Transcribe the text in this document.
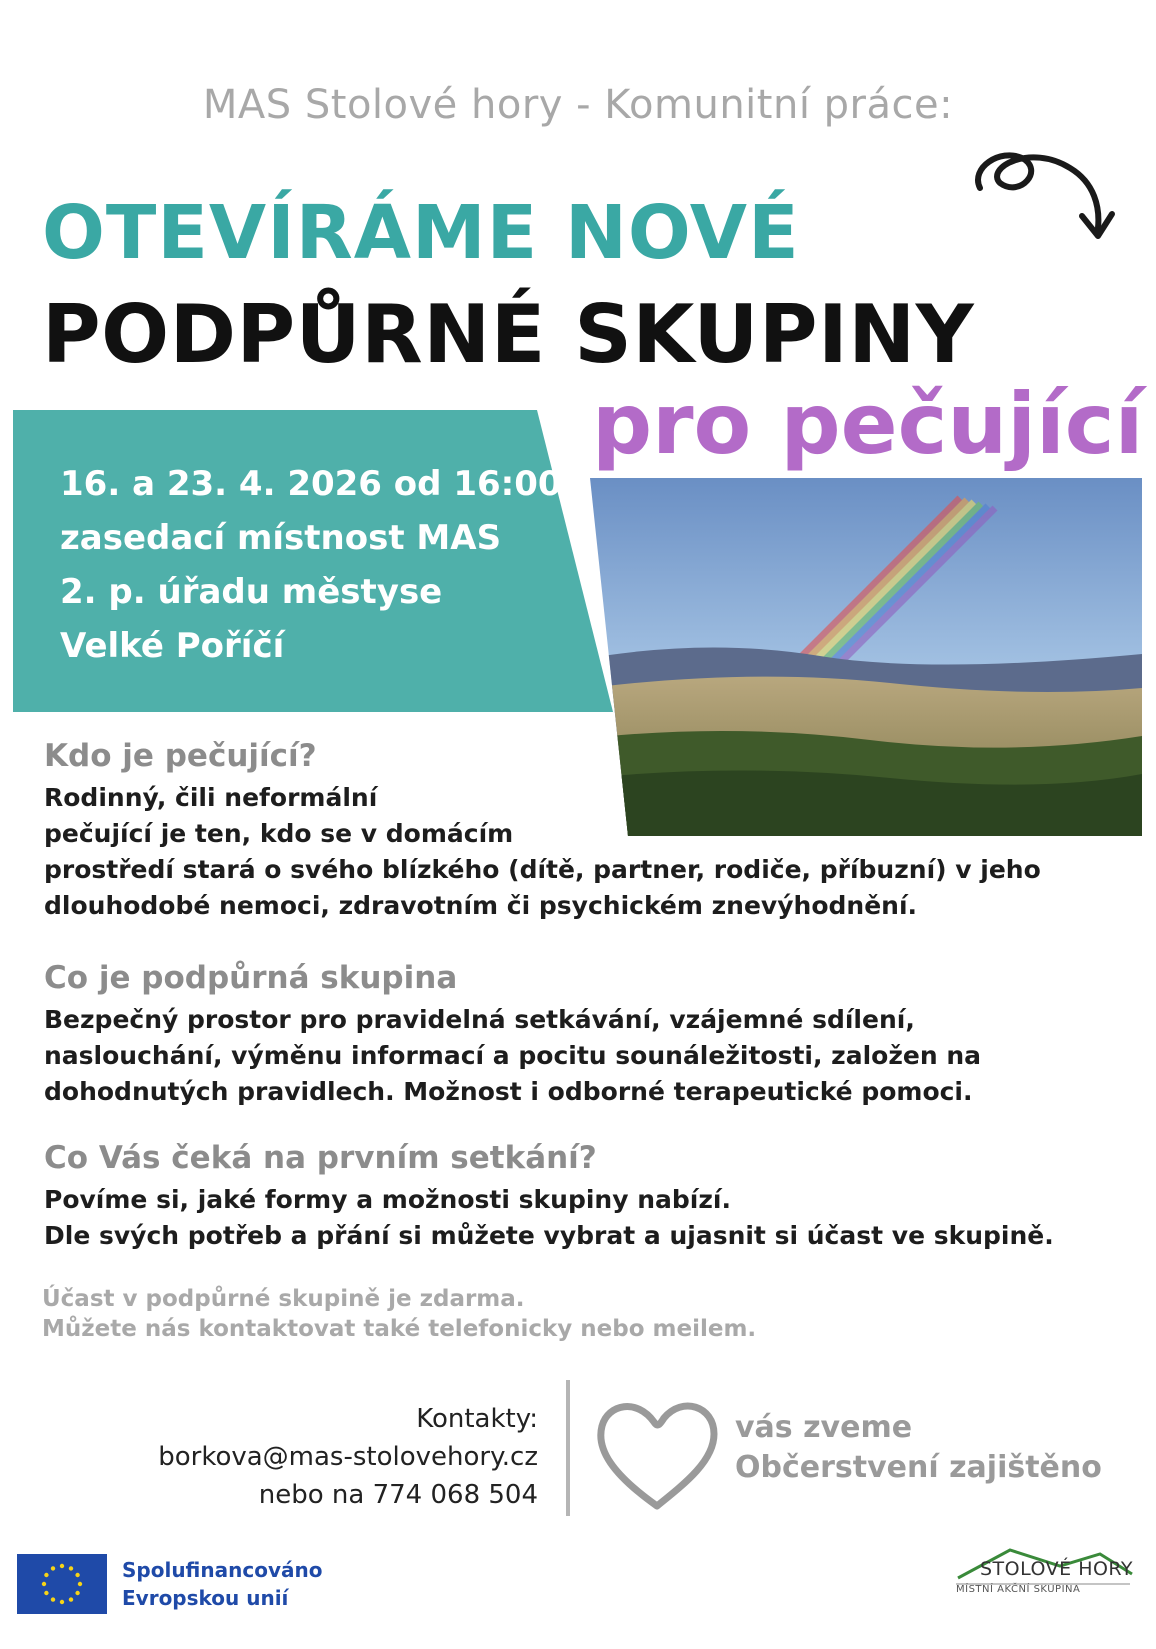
MAS Stolové hory - Komunitní práce:
OTEVÍRÁME NOVÉ
PODPŮRNÉ SKUPINY
pro pečující
16. a 23. 4. 2026 od 16:00
zasedací místnost MAS
2. p. úřadu městyse
Velké Poříčí
Kdo je pečující?
Rodinný, čili neformální
pečující je ten, kdo se v domácím
prostředí stará o svého blízkého (dítě, partner, rodiče, příbuzní) v jeho
dlouhodobé nemoci, zdravotním či psychickém znevýhodnění.
Co je podpůrná skupina
Bezpečný prostor pro pravidelná setkávání, vzájemné sdílení,
naslouchání, výměnu informací a pocitu sounáležitosti, založen na
dohodnutých pravidlech. Možnost i odborné terapeutické pomoci.
Co Vás čeká na prvním setkání?
Povíme si, jaké formy a možnosti skupiny nabízí.
Dle svých potřeb a přání si můžete vybrat a ujasnit si účast ve skupině.
Účast v podpůrné skupině je zdarma.
Můžete nás kontaktovat také telefonicky nebo meilem.
Kontakty:
borkova@mas-stolovehory.cz
nebo na 774 068 504
vás zveme
Občerstvení zajištěno
Spolufinancováno
Evropskou unií
STOLOVÉ HORY
MÍSTNÍ AKČNÍ SKUPINA
